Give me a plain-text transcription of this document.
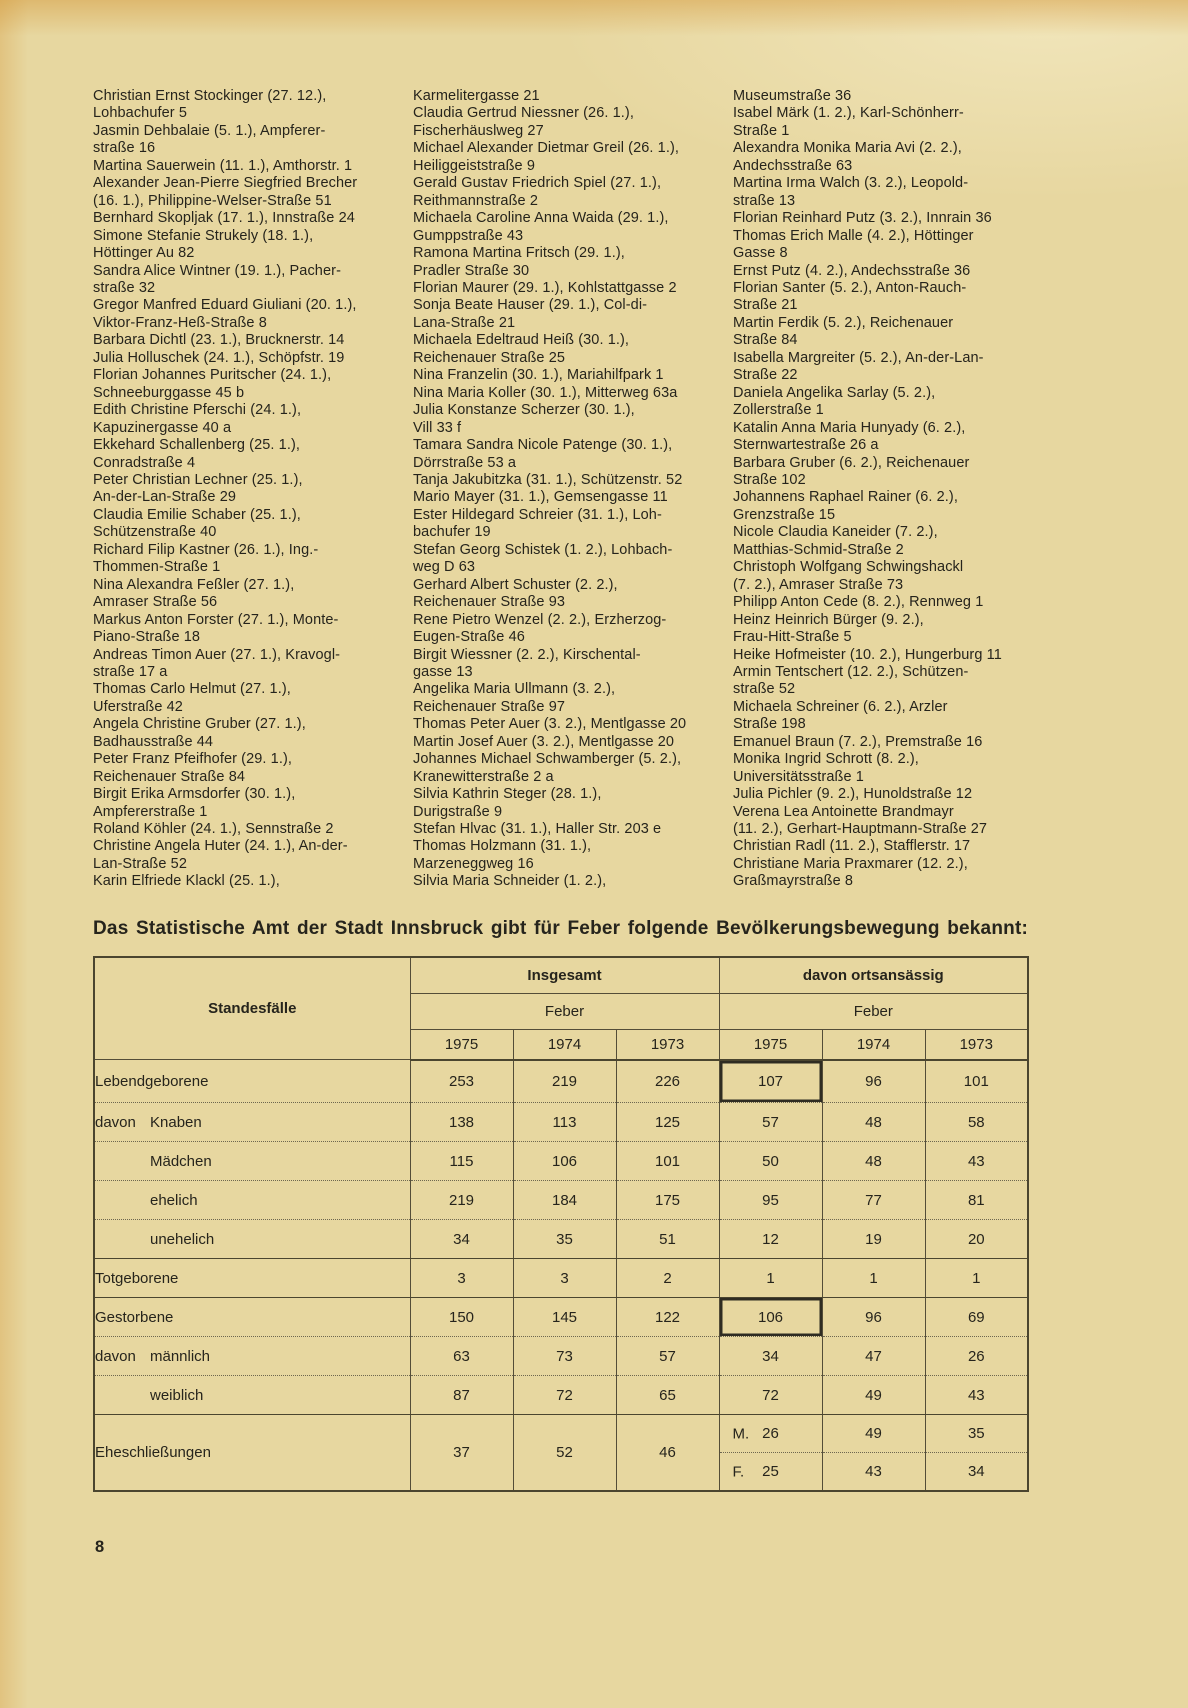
Christian Ernst Stockinger (27. 12.),
Lohbachufer 5
Jasmin Dehbalaie (5. 1.), Ampferer-
straße 16
Martina Sauerwein (11. 1.), Amthorstr. 1
Alexander Jean-Pierre Siegfried Brecher
(16. 1.), Philippine-Welser-Straße 51
Bernhard Skopljak (17. 1.), Innstraße 24
Simone Stefanie Strukely (18. 1.),
Höttinger Au 82
Sandra Alice Wintner (19. 1.), Pacher-
straße 32
Gregor Manfred Eduard Giuliani (20. 1.),
Viktor-Franz-Heß-Straße 8
Barbara Dichtl (23. 1.), Brucknerstr. 14
Julia Holluschek (24. 1.), Schöpfstr. 19
Florian Johannes Puritscher (24. 1.),
Schneeburggasse 45 b
Edith Christine Pferschi (24. 1.),
Kapuzinergasse 40 a
Ekkehard Schallenberg (25. 1.),
Conradstraße 4
Peter Christian Lechner (25. 1.),
An-der-Lan-Straße 29
Claudia Emilie Schaber (25. 1.),
Schützenstraße 40
Richard Filip Kastner (26. 1.), Ing.-
Thommen-Straße 1
Nina Alexandra Feßler (27. 1.),
Amraser Straße 56
Markus Anton Forster (27. 1.), Monte-
Piano-Straße 18
Andreas Timon Auer (27. 1.), Kravogl-
straße 17 a
Thomas Carlo Helmut (27. 1.),
Uferstraße 42
Angela Christine Gruber (27. 1.),
Badhausstraße 44
Peter Franz Pfeifhofer (29. 1.),
Reichenauer Straße 84
Birgit Erika Armsdorfer (30. 1.),
Ampfererstraße 1
Roland Köhler (24. 1.), Sennstraße 2
Christine Angela Huter (24. 1.), An-der-
Lan-Straße 52
Karin Elfriede Klackl (25. 1.),
Karmelitergasse 21
Claudia Gertrud Niessner (26. 1.),
Fischerhäuslweg 27
Michael Alexander Dietmar Greil (26. 1.),
Heiliggeiststraße 9
Gerald Gustav Friedrich Spiel (27. 1.),
Reithmannstraße 2
Michaela Caroline Anna Waida (29. 1.),
Gumppstraße 43
Ramona Martina Fritsch (29. 1.),
Pradler Straße 30
Florian Maurer (29. 1.), Kohlstattgasse 2
Sonja Beate Hauser (29. 1.), Col-di-
Lana-Straße 21
Michaela Edeltraud Heiß (30. 1.),
Reichenauer Straße 25
Nina Franzelin (30. 1.), Mariahilfpark 1
Nina Maria Koller (30. 1.), Mitterweg 63a
Julia Konstanze Scherzer (30. 1.),
Vill 33 f
Tamara Sandra Nicole Patenge (30. 1.),
Dörrstraße 53 a
Tanja Jakubitzka (31. 1.), Schützenstr. 52
Mario Mayer (31. 1.), Gemsengasse 11
Ester Hildegard Schreier (31. 1.), Loh-
bachufer 19
Stefan Georg Schistek (1. 2.), Lohbach-
weg D 63
Gerhard Albert Schuster (2. 2.),
Reichenauer Straße 93
Rene Pietro Wenzel (2. 2.), Erzherzog-
Eugen-Straße 46
Birgit Wiessner (2. 2.), Kirschental-
gasse 13
Angelika Maria Ullmann (3. 2.),
Reichenauer Straße 97
Thomas Peter Auer (3. 2.), Mentlgasse 20
Martin Josef Auer (3. 2.), Mentlgasse 20
Johannes Michael Schwamberger (5. 2.),
Kranewitterstraße 2 a
Silvia Kathrin Steger (28. 1.),
Durigstraße 9
Stefan Hlvac (31. 1.), Haller Str. 203 e
Thomas Holzmann (31. 1.),
Marzeneggweg 16
Silvia Maria Schneider (1. 2.),
Museumstraße 36
Isabel Märk (1. 2.), Karl-Schönherr-
Straße 1
Alexandra Monika Maria Avi (2. 2.),
Andechsstraße 63
Martina Irma Walch (3. 2.), Leopold-
straße 13
Florian Reinhard Putz (3. 2.), Innrain 36
Thomas Erich Malle (4. 2.), Höttinger
Gasse 8
Ernst Putz (4. 2.), Andechsstraße 36
Florian Santer (5. 2.), Anton-Rauch-
Straße 21
Martin Ferdik (5. 2.), Reichenauer
Straße 84
Isabella Margreiter (5. 2.), An-der-Lan-
Straße 22
Daniela Angelika Sarlay (5. 2.),
Zollerstraße 1
Katalin Anna Maria Hunyady (6. 2.),
Sternwartestraße 26 a
Barbara Gruber (6. 2.), Reichenauer
Straße 102
Johannens Raphael Rainer (6. 2.),
Grenzstraße 15
Nicole Claudia Kaneider (7. 2.),
Matthias-Schmid-Straße 2
Christoph Wolfgang Schwingshackl
(7. 2.), Amraser Straße 73
Philipp Anton Cede (8. 2.), Rennweg 1
Heinz Heinrich Bürger (9. 2.),
Frau-Hitt-Straße 5
Heike Hofmeister (10. 2.), Hungerburg 11
Armin Tentschert (12. 2.), Schützen-
straße 52
Michaela Schreiner (6. 2.), Arzler
Straße 198
Emanuel Braun (7. 2.), Premstraße 16
Monika Ingrid Schrott (8. 2.),
Universitätsstraße 1
Julia Pichler (9. 2.), Hunoldstraße 12
Verena Lea Antoinette Brandmayr
(11. 2.), Gerhart-Hauptmann-Straße 27
Christian Radl (11. 2.), Stafflerstr. 17
Christiane Maria Praxmarer (12. 2.),
Graßmayrstraße 8
Das Statistische Amt der Stadt Innsbruck gibt für Feber folgende Bevölkerungsbewegung bekannt:
Standesfälle	Insgesamt			davon ortsansässig		
	Feber			Feber		
	1975	1974	1973	1975	1974	1973
Lebendgeborene	253	219	226	107	96	101
davon Knaben	138	113	125	57	48	58
Mädchen	115	106	101	50	48	43
ehelich	219	184	175	95	77	81
unehelich	34	35	51	12	19	20
Totgeborene	3	3	2	1	1	1
Gestorbene	150	145	122	106	96	69
davon männlich	63	73	57	34	47	26
weiblich	87	72	65	72	49	43
Eheschließungen	37	52	46	M. 26	49	35

				F. 25	43	34
8
